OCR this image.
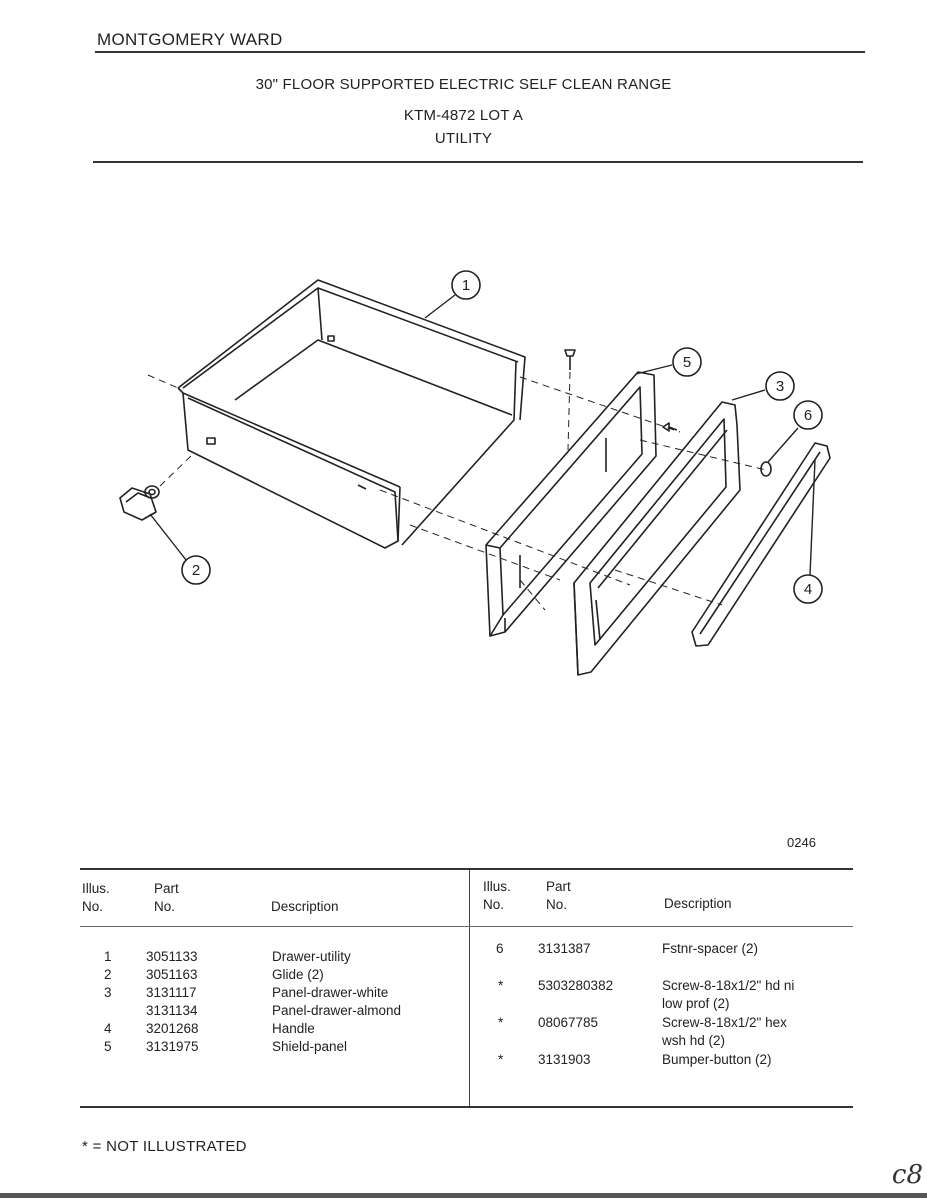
MONTGOMERY WARD
30" FLOOR SUPPORTED ELECTRIC SELF CLEAN RANGE
KTM-4872 LOT A
UTILITY
1
2
3
4
5
6
0246
Illus.
No.
Part
No.	Description
Illus.
No.
Part
No.	Description
1	3051133	Drawer-utility
2	3051163	Glide (2)
3	3131117	Panel-drawer-white
3131134	Panel-drawer-almond
4	3201268	Handle
5	3131975	Shield-panel
6	3131387	Fstnr-spacer (2)
*	5303280382	Screw-8-18x1/2" hd ni
low prof (2)
*	08067785	Screw-8-18x1/2" hex
wsh hd (2)
*	3131903	Bumper-button (2)
* = NOT ILLUSTRATED
c8
